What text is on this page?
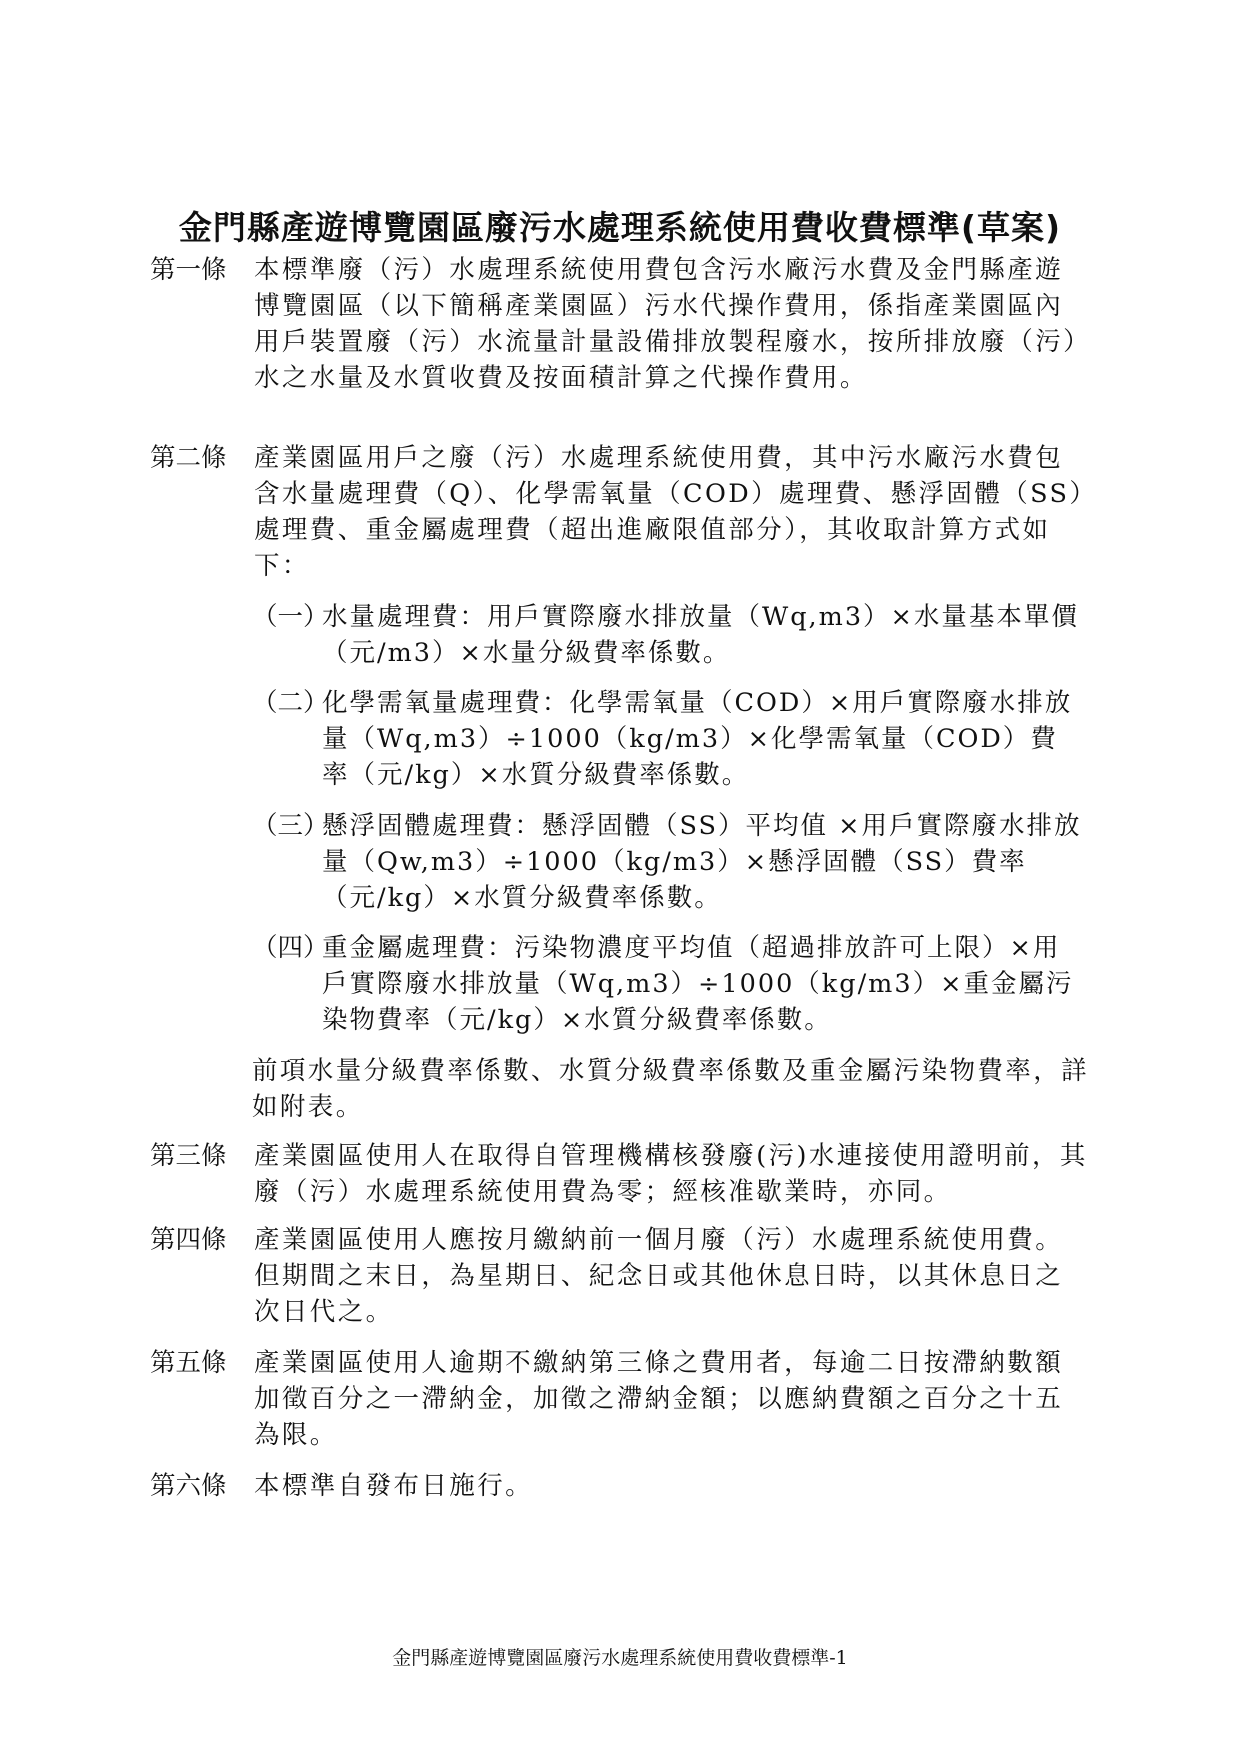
金門縣產遊博覽園區廢污水處理系統使用費收費標準(草案)
第一條	本標準廢（污）水處理系統使用費包含污水廠污水費及金門縣產遊博覽園區（以下簡稱產業園區）污水代操作費用，係指產業園區內用戶裝置廢（污）水流量計量設備排放製程廢水，按所排放廢（污）水之水量及水質收費及按面積計算之代操作費用。
第二條	產業園區用戶之廢（污）水處理系統使用費，其中污水廠污水費包含水量處理費（Q）、化學需氧量（COD）處理費、懸浮固體（SS）處理費、重金屬處理費（超出進廠限值部分），其收取計算方式如下：
（一）
水量處理費：用戶實際廢水排放量（Wq,m3）×水量基本單價（元/m3）×水量分級費率係數。
（二）
化學需氧量處理費：化學需氧量（COD）×用戶實際廢水排放量（Wq,m3）÷1000（kg/m3）×化學需氧量（COD）費率（元/kg）×水質分級費率係數。
（三）
懸浮固體處理費：懸浮固體（SS）平均值 ×用戶實際廢水排放量（Qw,m3）÷1000（kg/m3）×懸浮固體（SS）費率（元/kg）×水質分級費率係數。
（四）
重金屬處理費：污染物濃度平均值（超過排放許可上限）×用戶實際廢水排放量（Wq,m3）÷1000（kg/m3）×重金屬污染物費率（元/kg）×水質分級費率係數。
前項水量分級費率係數、水質分級費率係數及重金屬污染物費率，詳如附表。
第三條	產業園區使用人在取得自管理機構核發廢(污)水連接使用證明前，其廢（污）水處理系統使用費為零；經核准歇業時，亦同。
第四條	產業園區使用人應按月繳納前一個月廢（污）水處理系統使用費。但期間之末日，為星期日、紀念日或其他休息日時，以其休息日之次日代之。
第五條	產業園區使用人逾期不繳納第三條之費用者，每逾二日按滯納數額加徵百分之一滯納金，加徵之滯納金額；以應納費額之百分之十五為限。
第六條	本標準自發布日施行。
金門縣產遊博覽園區廢污水處理系統使用費收費標準-1
